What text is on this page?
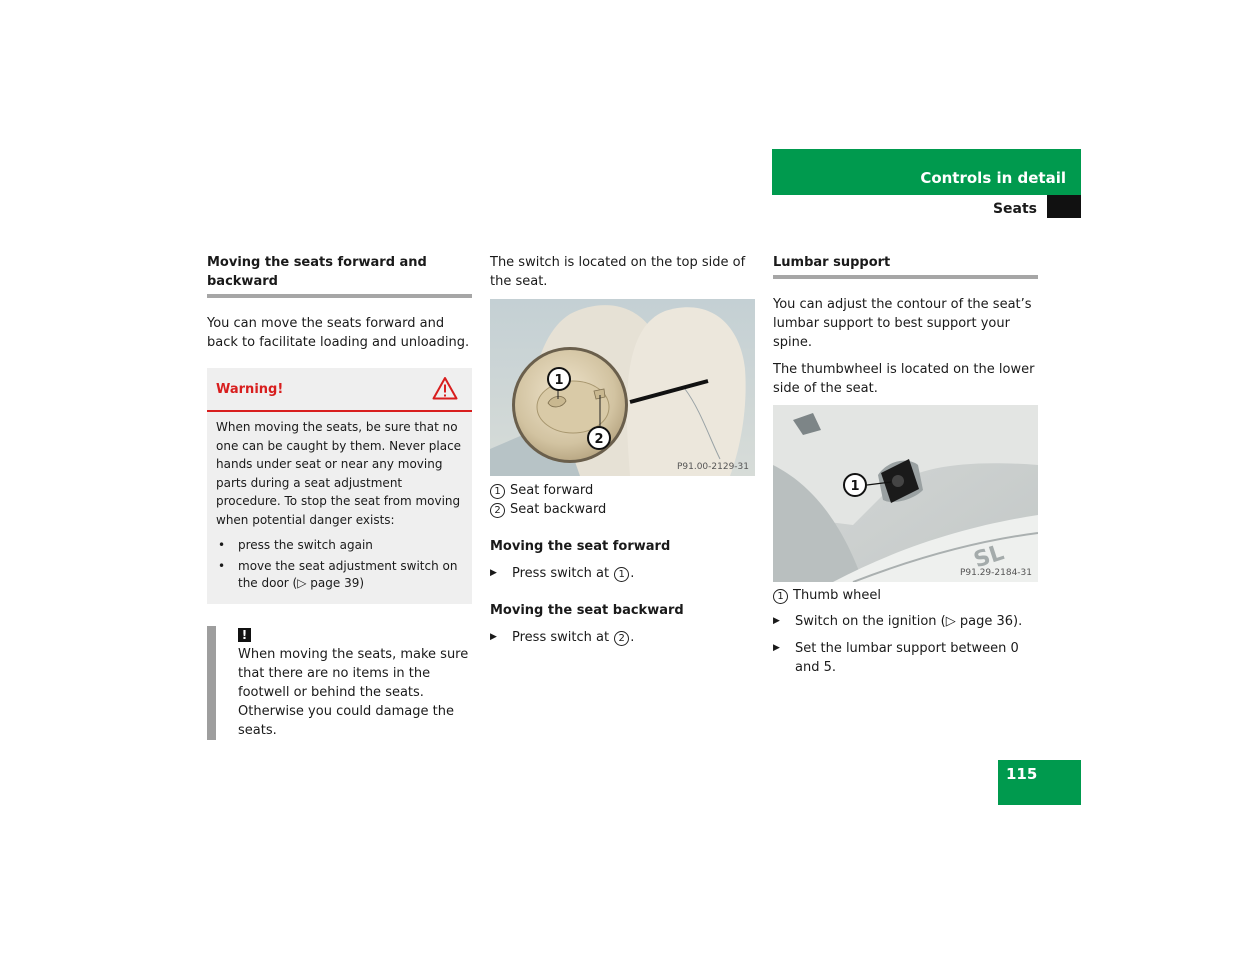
Controls in detail
Seats
Moving the seats forward and backward

You can move the seats forward and back to facilitate loading and unloading.

Warning!
When moving the seats, be sure that no one can be caught by them. Never place hands under seat or near any moving parts during a seat adjustment procedure. To stop the seat from moving when potential danger exists:
• press the switch again
• move the seat adjustment switch on the door (▷ page 39)
!
When moving the seats, make sure that there are no items in the footwell or behind the seats. Otherwise you could damage the seats.

The switch is located on the top side of the seat.

1
2
P91.00-2129-31
1 Seat forward
2 Seat backward
Moving the seat forward
▶ Press switch at 1 .
Moving the seat backward
▶ Press switch at 2 .
Lumbar support

You can adjust the contour of the seat’s lumbar support to best support your spine.

The thumbwheel is located on the lower side of the seat.

1
SL
P91.29-2184-31
1 Thumb wheel
▶ Switch on the ignition (▷ page 36).
▶ Set the lumbar support between 0 and 5.
115
